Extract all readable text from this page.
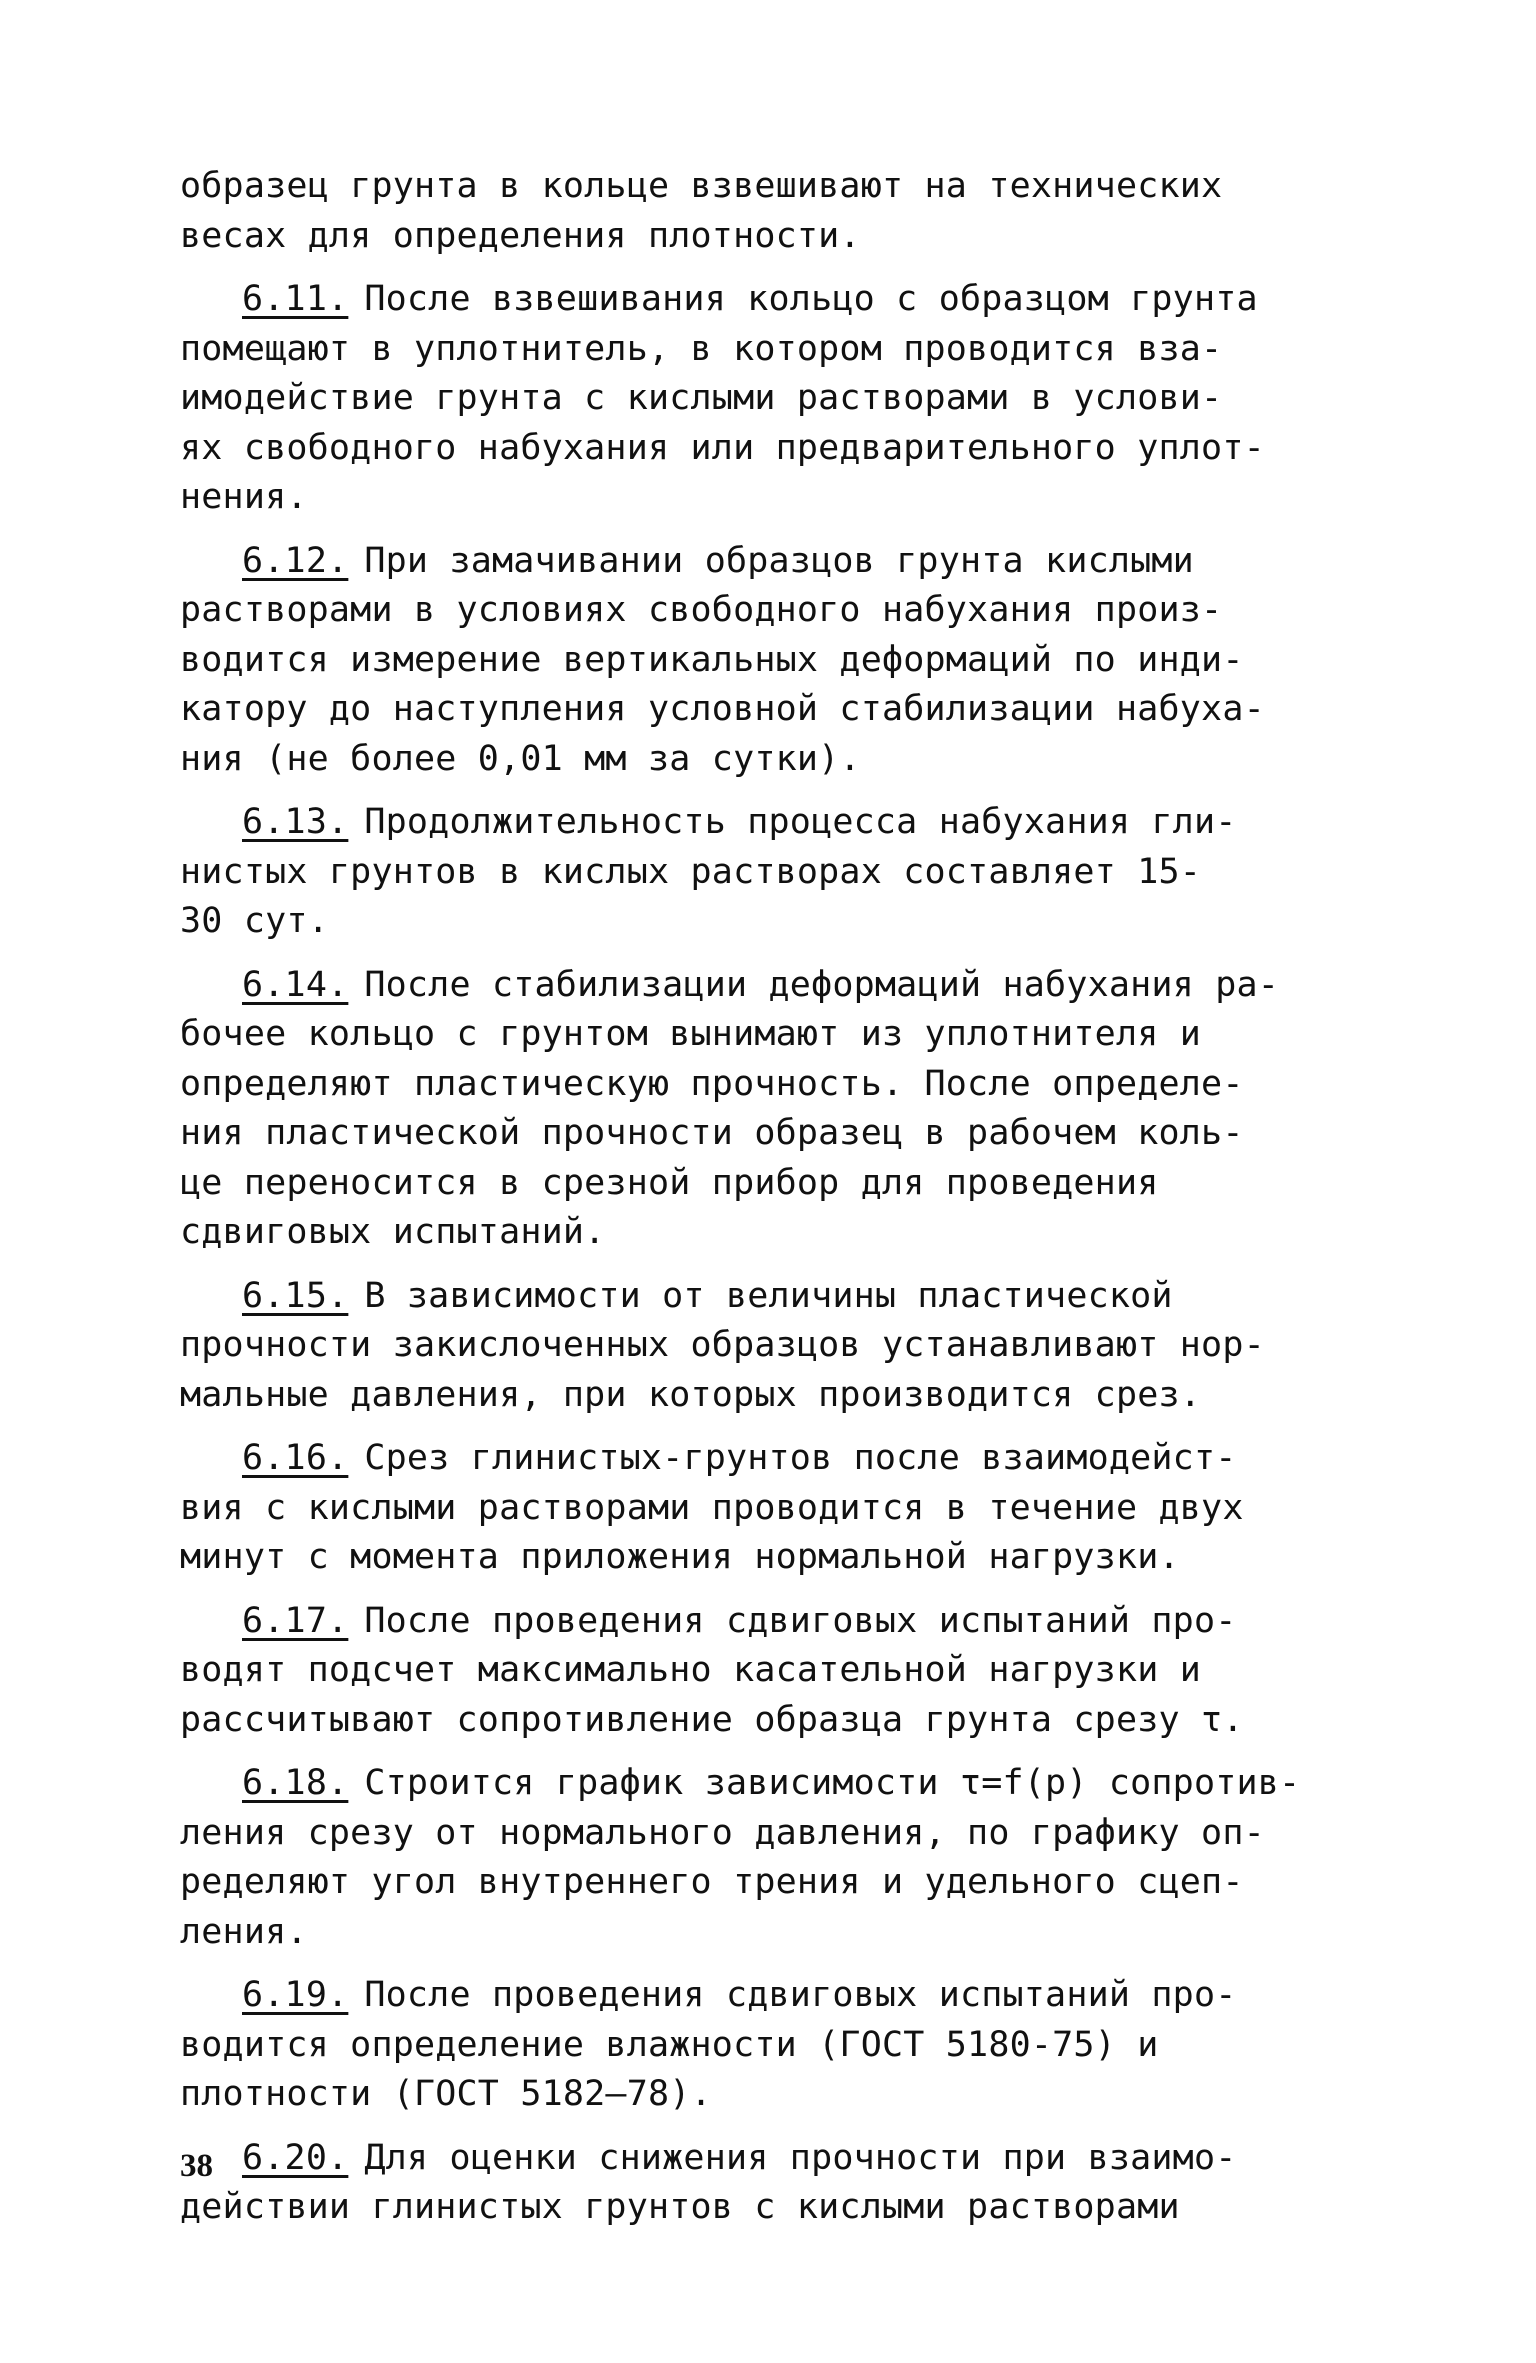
образец грунта в кольце взвешивают на технических
весах для определения плотности.
6.11. После взвешивания кольцо с образцом грунта
помещают в уплотнитель, в котором проводится вза-
имодействие грунта с кислыми растворами в услови-
ях свободного набухания или предварительного уплот-
нения.
6.12. При замачивании образцов грунта кислыми
растворами в условиях свободного набухания произ-
водится измерение вертикальных деформаций по инди-
катору до наступления условной стабилизации набуха-
ния (не более 0,01 мм за сутки).
6.13. Продолжительность процесса набухания гли-
нистых грунтов в кислых растворах составляет 15-
30 сут.
6.14. После стабилизации деформаций набухания ра-
бочее кольцо с грунтом вынимают из уплотнителя и
определяют пластическую прочность. После определе-
ния пластической прочности образец в рабочем коль-
це переносится в срезной прибор для проведения
сдвиговых испытаний.
6.15. В зависимости от величины пластической
прочности закислоченных образцов устанавливают нор-
мальные давления, при которых производится срез.
6.16. Срез глинистых-грунтов после взаимодейст-
вия с кислыми растворами проводится в течение двух
минут с момента приложения нормальной нагрузки.
6.17. После проведения сдвиговых испытаний про-
водят подсчет максимально касательной нагрузки и
рассчитывают сопротивление образца грунта срезу τ.
6.18. Строится график зависимости τ=f(p) сопротив-
ления срезу от нормального давления, по графику оп-
ределяют угол внутреннего трения и удельного сцеп-
ления.
6.19. После проведения сдвиговых испытаний про-
водится определение влажности (ГОСТ 5180-75) и
плотности (ГОСТ 5182–78).
6.20. Для оценки снижения прочности при взаимо-
действии глинистых грунтов с кислыми растворами
38
